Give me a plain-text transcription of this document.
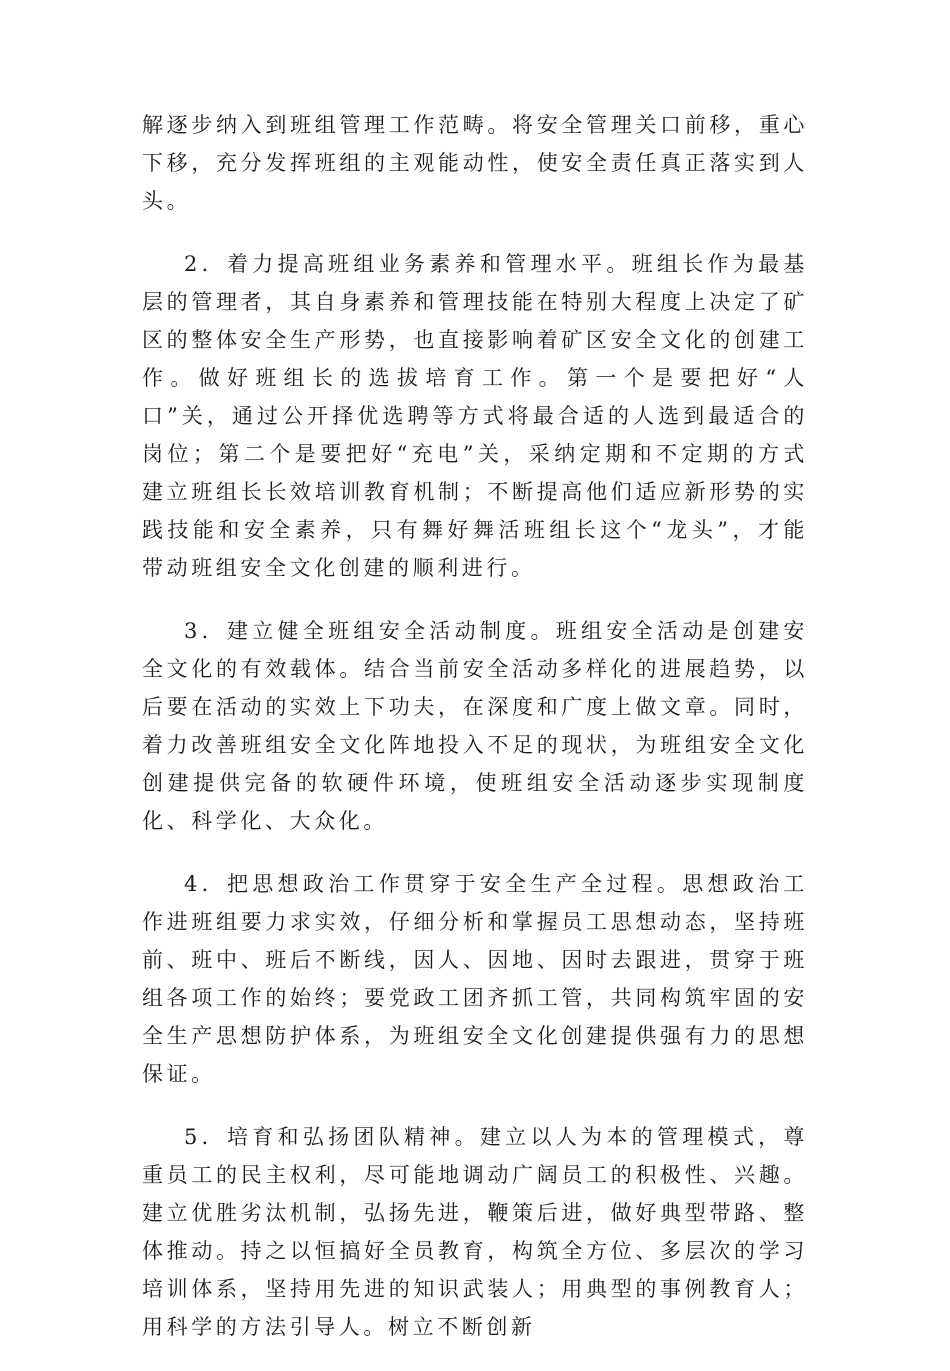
解逐步纳入到班组管理工作范畴。将安全管理关口前移，重心下移，充分发挥班组的主观能动性，使安全责任真正落实到人头。

2．着力提高班组业务素养和管理水平。班组长作为最基层的管理者，其自身素养和管理技能在特别大程度上决定了矿区的整体安全生产形势，也直接影响着矿区安全文化的创建工作。做好班组长的选拔培育工作。第一个是要把好“人口”关，通过公开择优选聘等方式将最合适的人选到最适合的岗位；第二个是要把好“充电”关，采纳定期和不定期的方式建立班组长长效培训教育机制；不断提高他们适应新形势的实践技能和安全素养，只有舞好舞活班组长这个“龙头”，才能带动班组安全文化创建的顺利进行。

3．建立健全班组安全活动制度。班组安全活动是创建安全文化的有效载体。结合当前安全活动多样化的进展趋势，以后要在活动的实效上下功夫，在深度和广度上做文章。同时，着力改善班组安全文化阵地投入不足的现状，为班组安全文化创建提供完备的软硬件环境，使班组安全活动逐步实现制度化、科学化、大众化。

4．把思想政治工作贯穿于安全生产全过程。思想政治工作进班组要力求实效，仔细分析和掌握员工思想动态，坚持班前、班中、班后不断线，因人、因地、因时去跟进，贯穿于班组各项工作的始终；要党政工团齐抓工管，共同构筑牢固的安全生产思想防护体系，为班组安全文化创建提供强有力的思想保证。

5．培育和弘扬团队精神。建立以人为本的管理模式，尊重员工的民主权利，尽可能地调动广阔员工的积极性、兴趣。建立优胜劣汰机制，弘扬先进，鞭策后进，做好典型带路、整体推动。持之以恒搞好全员教育，构筑全方位、多层次的学习培训体系，坚持用先进的知识武装人；用典型的事例教育人；用科学的方法引导人。树立不断创新
